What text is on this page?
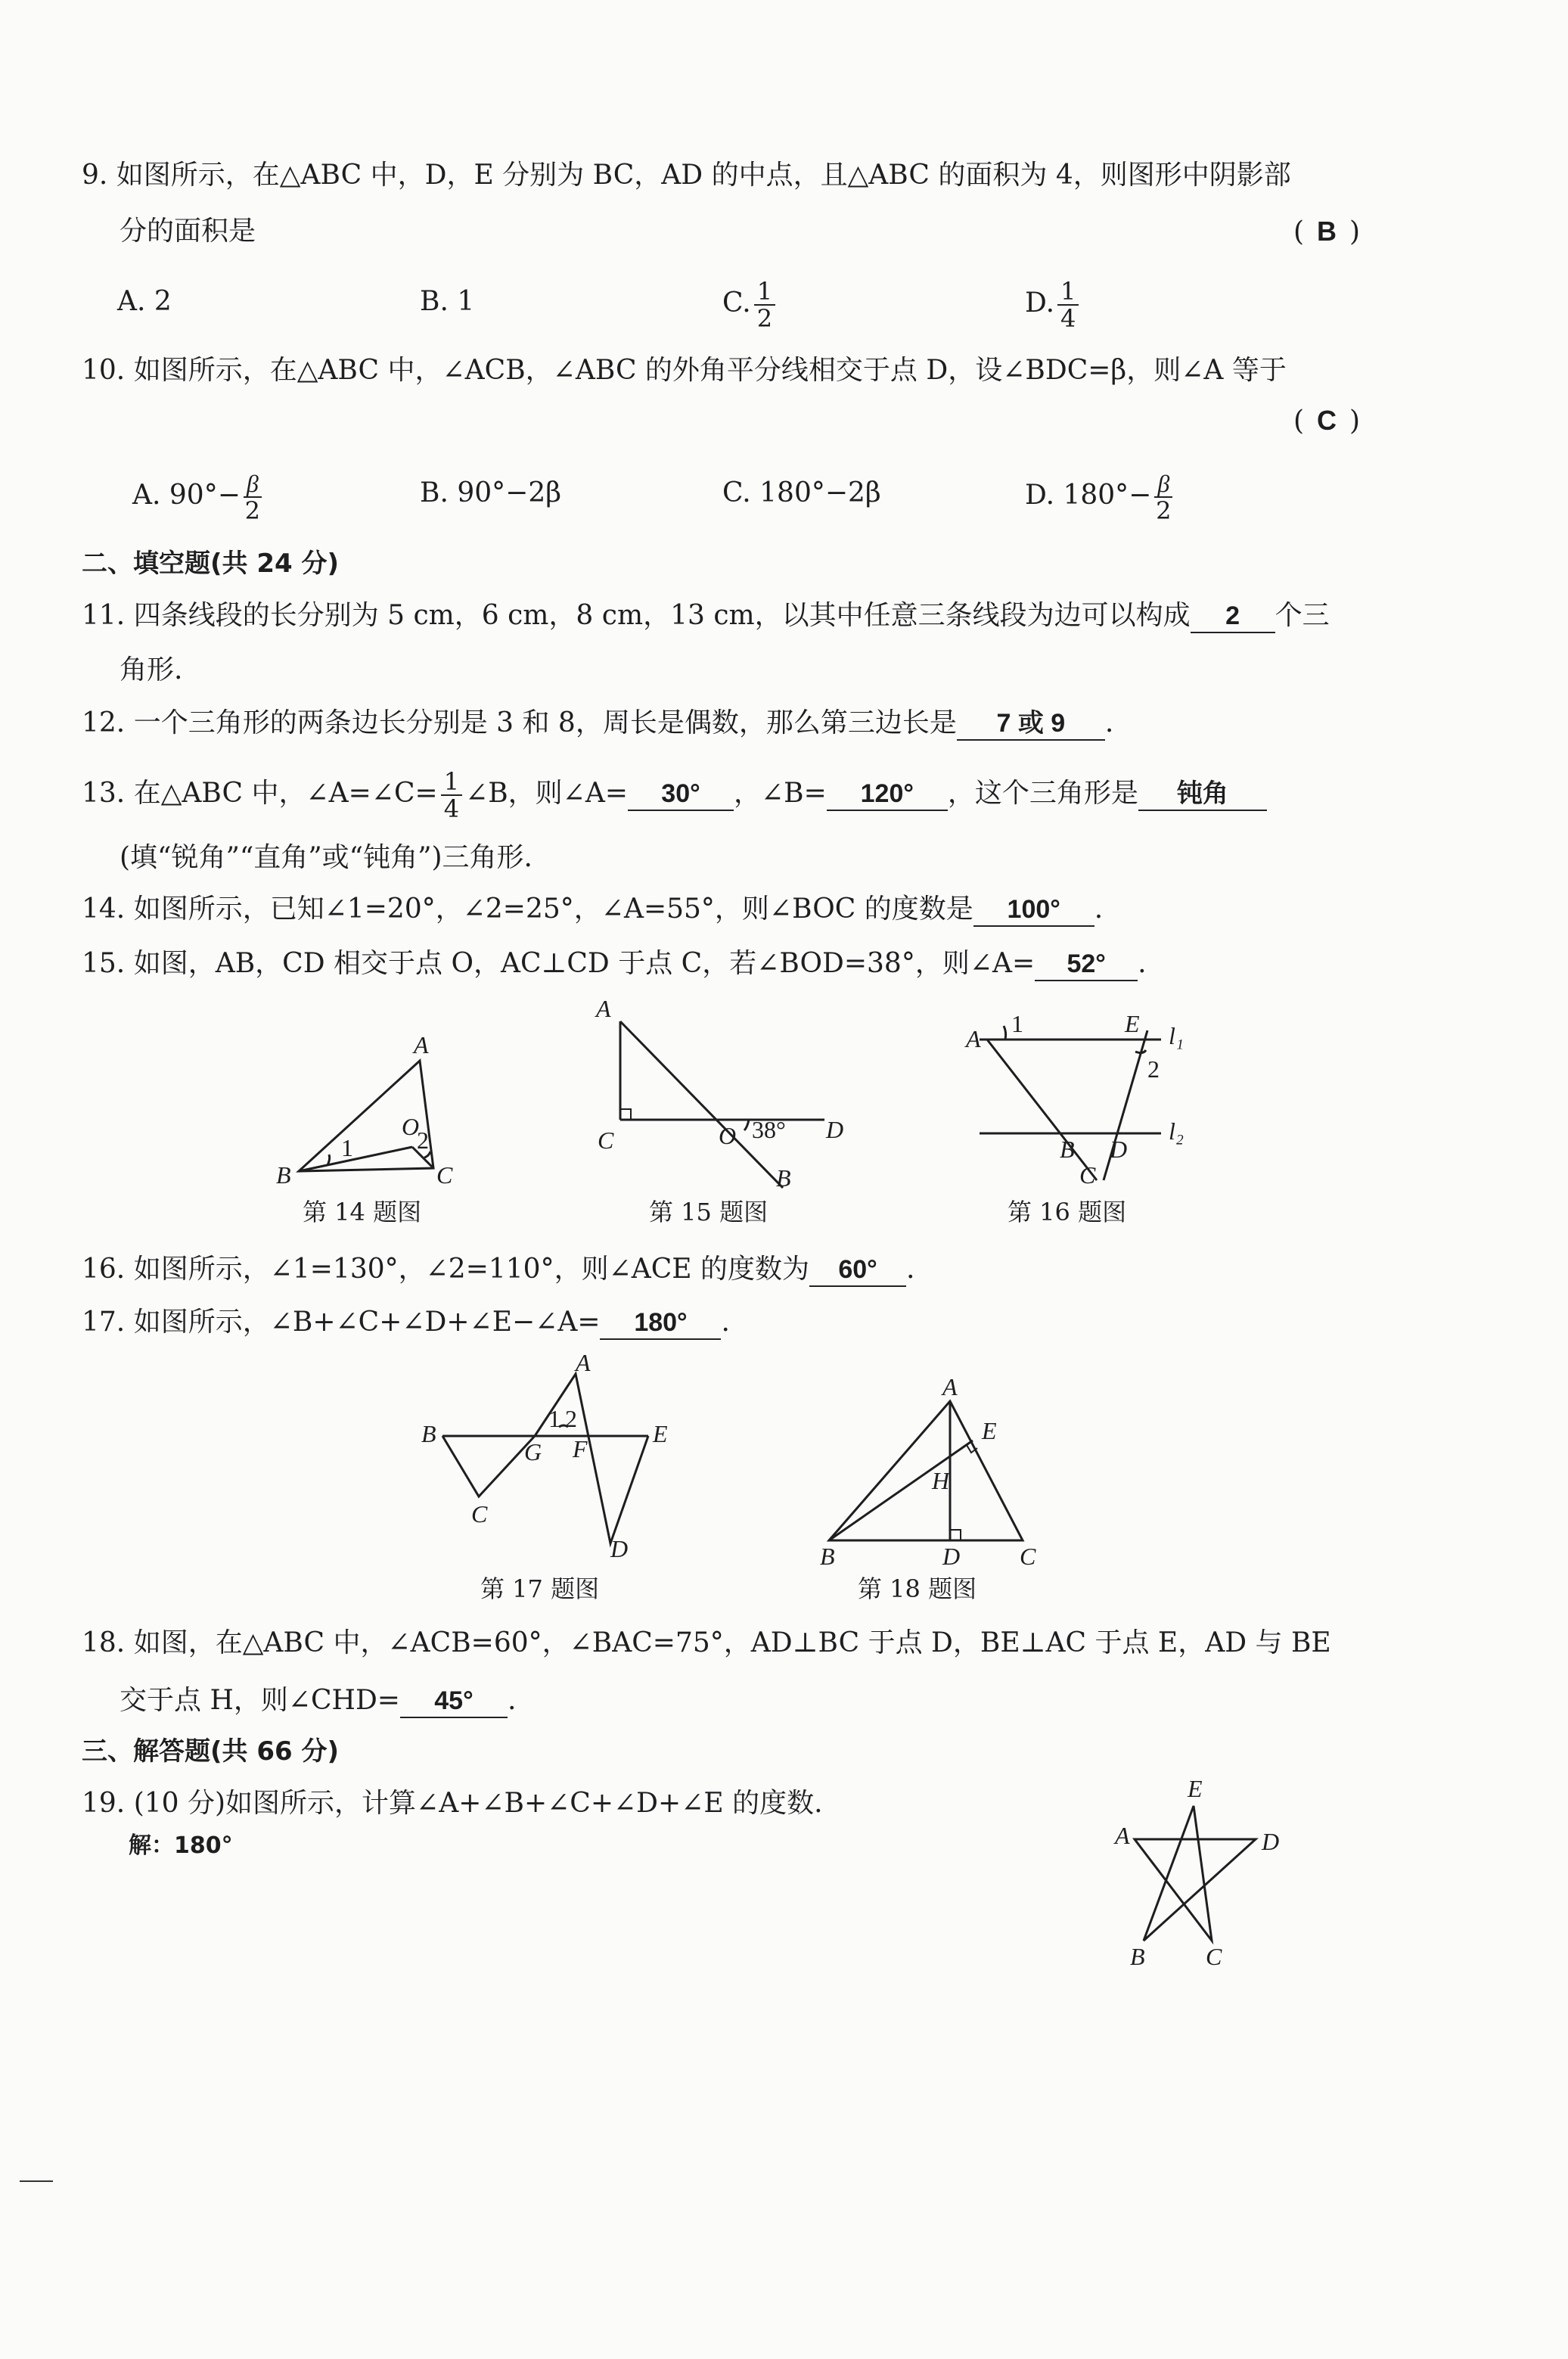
9. 如图所示，在△ABC 中，D，E 分别为 BC，AD 的中点，且△ABC 的面积为 4，则图形中阴影部
分的面积是	( B )
A. 2	B. 1	C. $\frac{1}{2}$	D. $\frac{1}{4}$
10. 如图所示，在△ABC 中，∠ACB，∠ABC 的外角平分线相交于点 D，设∠BDC=β，则∠A 等于
( C )
A. $90^\circ- \frac{\beta}{2}$	B. 90°−2β	C. 180°−2β	D. $180^\circ- \frac{\beta}{2}$
二、填空题(共 24 分)
11. 四条线段的长分别为 5 cm，6 cm，8 cm，13 cm，以其中任意三条线段为边可以构成 2 个三
角形.
12. 一个三角形的两条边长分别是 3 和 8，周长是偶数，那么第三边长是 7 或 9 .
13. 在△ABC 中，∠A=∠C= $\frac{1}{4}$ ∠B，则∠A= 30° ，∠B= 120° ，这个三角形是 钝角
(填“锐角”“直角”或“钝角”)三角形.
14. 如图所示，已知∠1=20°，∠2=25°，∠A=55°，则∠BOC 的度数是 100° .
15. 如图，AB，CD 相交于点 O，AC⊥CD 于点 C，若∠BOD=38°，则∠A= 52° .
A
B	C
O
1	2
第 14 题图
A
C	O 38° D
B
第 15 题图
A
1	E l₁
2
l₂
B D
C
第 16 题图
16. 如图所示，∠1=130°，∠2=110°，则∠ACE 的度数为 60° .
17. 如图所示，∠B+∠C+∠D+∠E−∠A= 180° .
A
B	E
G F
1 2
C
D
第 17 题图
A
E
H
B	D C
第 18 题图
18. 如图，在△ABC 中，∠ACB=60°，∠BAC=75°，AD⊥BC 于点 D，BE⊥AC 于点 E，AD 与 BE
交于点 H，则∠CHD= 45° .
三、解答题(共 66 分)
19. (10 分)如图所示，计算∠A+∠B+∠C+∠D+∠E 的度数.
解：180°
E
A	D
B	C
